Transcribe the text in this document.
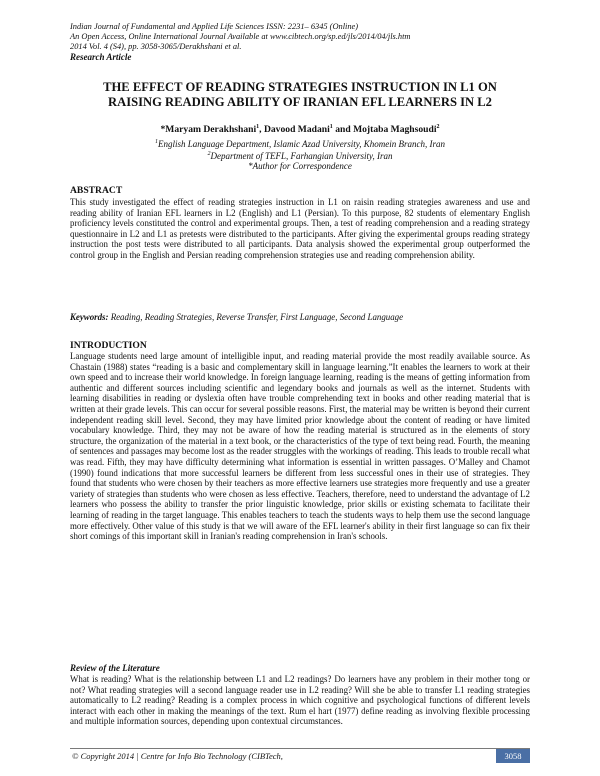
Indian Journal of Fundamental and Applied Life Sciences ISSN: 2231– 6345 (Online)
An Open Access, Online International Journal Available at www.cibtech.org/sp.ed/jls/2014/04/jls.htm
2014 Vol. 4 (S4), pp. 3058-3065/Derakhshani et al.
Research Article
THE EFFECT OF READING STRATEGIES INSTRUCTION IN L1 ON
RAISING READING ABILITY OF IRANIAN EFL LEARNERS IN L2
*Maryam Derakhshani$^1$, Davood Madani$^1$ and Mojtaba Maghsoudi$^2$
$^1$English Language Department, Islamic Azad University, Khomein Branch, Iran
$^2$Department of TEFL, Farhangian University, Iran
*Author for Correspondence
ABSTRACT
This study investigated the effect of reading strategies instruction in L1 on raisin reading strategies awareness and use and reading ability of Iranian EFL learners in L2 (English) and L1 (Persian). To this purpose, 82 students of elementary English proficiency levels constituted the control and experimental groups. Then, a test of reading comprehension and a reading strategy questionnaire in L2 and L1 as pretests were distributed to the participants. After giving the experimental groups reading strategy instruction the post tests were distributed to all participants. Data analysis showed the experimental group outperformed the control group in the English and Persian reading comprehension strategies use and reading comprehension ability.
Keywords: Reading, Reading Strategies, Reverse Transfer, First Language, Second Language
INTRODUCTION
Language students need large amount of intelligible input, and reading material provide the most readily available source. As Chastain (1988) states “reading is a basic and complementary skill in language learning.”It enables the learners to work at their own speed and to increase their world knowledge. In foreign language learning, reading is the means of getting information from authentic and different sources including scientific and legendary books and journals as well as the internet. Students with learning disabilities in reading or dyslexia often have trouble comprehending text in books and other reading material that is written at their grade levels. This can occur for several possible reasons. First, the material may be written is beyond their current independent reading skill level. Second, they may have limited prior knowledge about the content of reading or have limited vocabulary knowledge. Third, they may not be aware of how the reading material is structured as in the elements of story structure, the organization of the material in a text book, or the characteristics of the type of text being read. Fourth, the meaning of sentences and passages may become lost as the reader struggles with the workings of reading. This leads to trouble recall what was read. Fifth, they may have difficulty determining what information is essential in written passages. O’Malley and Chamot (1990) found indications that more successful learners be different from less successful ones in their use of strategies. They found that students who were chosen by their teachers as more effective learners use strategies more frequently and use a greater variety of strategies than students who were chosen as less effective. Teachers, therefore, need to understand the advantage of L2 learners who possess the ability to transfer the prior linguistic knowledge, prior skills or existing schemata to facilitate their learning of reading in the target language. This enables teachers to teach the students ways to help them use the second language more effectively. Other value of this study is that we will aware of the EFL learner's ability in their first language so can fix their short comings of this important skill in Iranian's reading comprehension in Iran's schools.
Review of the Literature
What is reading? What is the relationship between L1 and L2 readings? Do learners have any problem in their mother tong or not? What reading strategies will a second language reader use in L2 reading? Will she be able to transfer L1 reading strategies automatically to L2 reading? Reading is a complex process in which cognitive and psychological functions of different levels interact with each other in making the meanings of the text. Rum el hart (1977) define reading as involving flexible processing and multiple information sources, depending upon contextual circumstances.
© Copyright 2014 | Centre for Info Bio Technology (CIBTech,	3058
